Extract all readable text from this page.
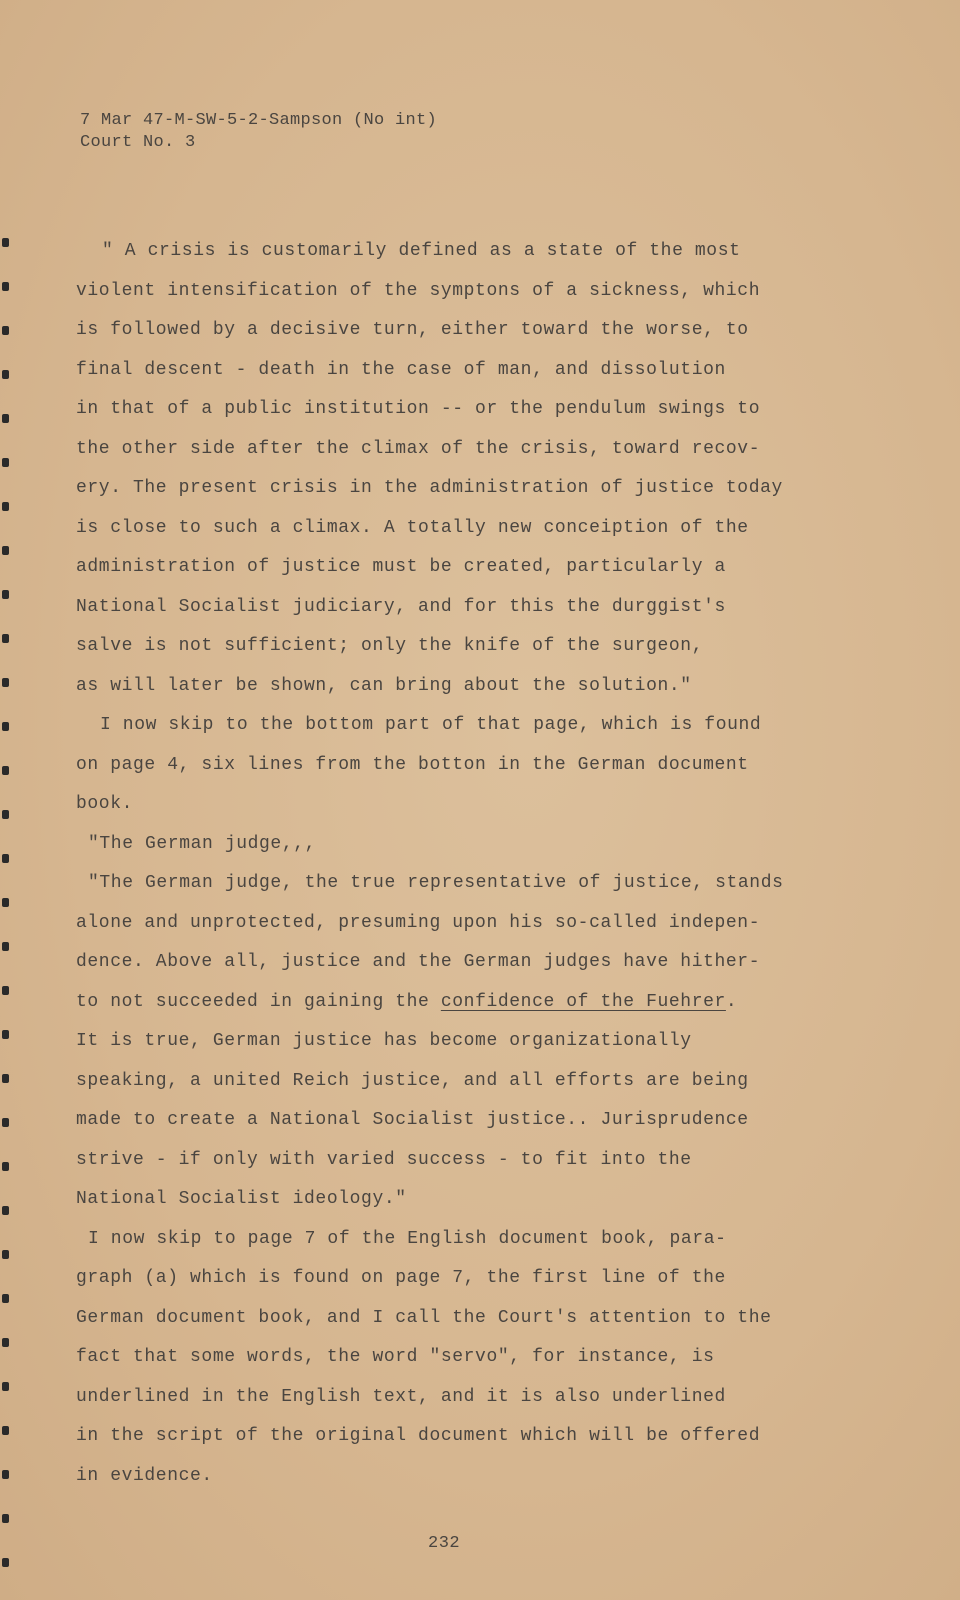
7 Mar 47-M-SW-5-2-Sampson (No int)
Court No. 3
" A crisis is customarily defined as a state of the most
violent intensification of the symptons of a sickness, which
is followed by a decisive turn, either toward the worse, to
final descent - death in the case of man, and dissolution
in that of a public institution -- or the pendulum swings to
the other side after the climax of the crisis, toward recov-
ery. The present crisis in the administration of justice today
is close to such a climax. A totally new conceiption of the
administration of justice must be created, particularly a
National Socialist judiciary, and for this the durggist's
salve is not sufficient; only the knife of the surgeon,
as will later be shown, can bring about the solution."
I now skip to the bottom part of that page, which is found
on page 4, six lines from the botton in the German document
book.
"The German judge,,,
"The German judge, the true representative of justice, stands
alone and unprotected, presuming upon his so-called indepen-
dence. Above all, justice and the German judges have hither-
to not succeeded in gaining the confidence of the Fuehrer.
It is true, German justice has become organizationally
speaking, a united Reich justice, and all efforts are being
made to create a National Socialist justice.. Jurisprudence
strive - if only with varied success - to fit into the
National Socialist ideology."
I now skip to page 7 of the English document book, para-
graph (a) which is found on page 7, the first line of the
German document book, and I call the Court's attention to the
fact that some words, the word "servo", for instance, is
underlined in the English text, and it is also underlined
in the script of the original document which will be offered
in evidence.
232
